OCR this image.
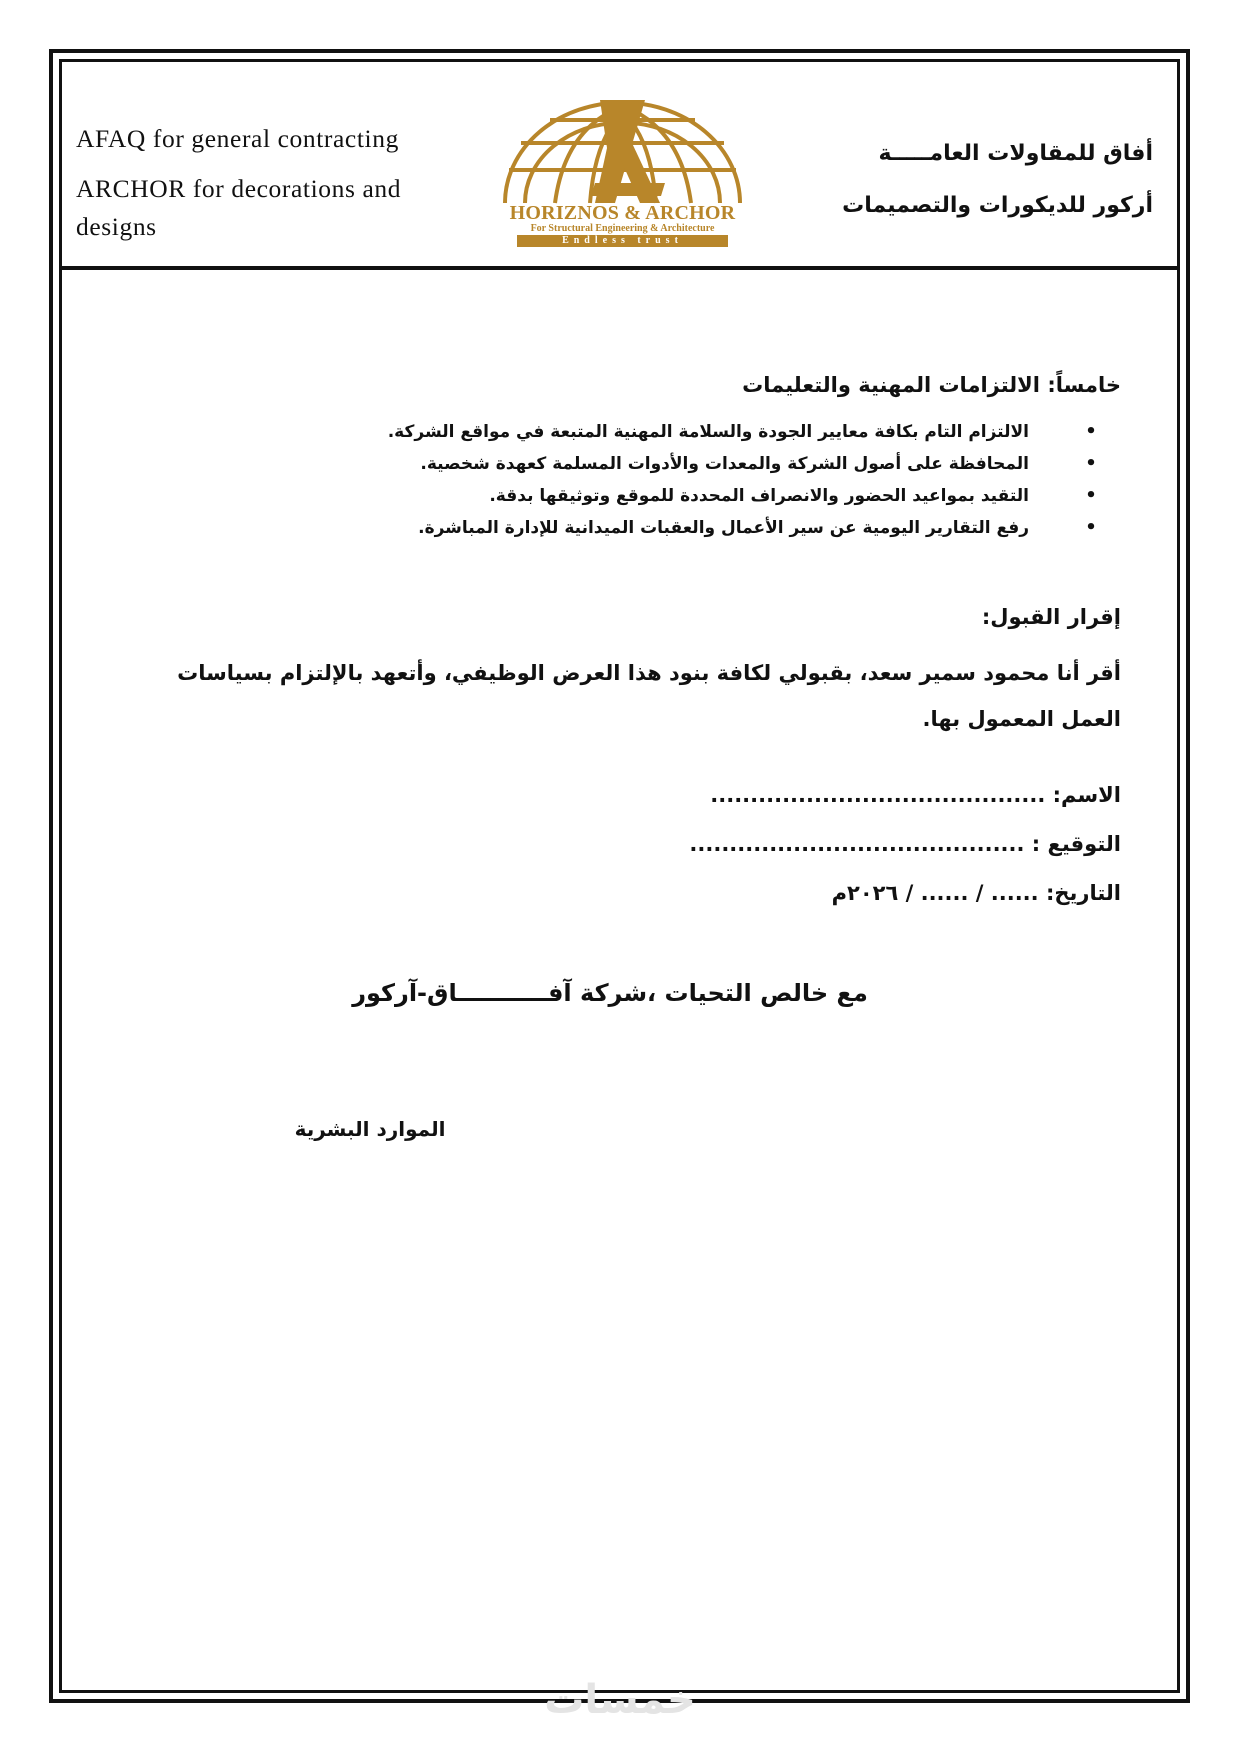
AFAQ for general contracting
ARCHOR for decorations and designs	HORIZNOS & ARCHOR
For Structural Engineering & Architecture
Endless trust
أفاق للمقاولات العامـــــة
أركور للديكورات والتصميمات
خامساً: الالتزامات المهنية والتعليمات
•
الالتزام التام بكافة معايير الجودة والسلامة المهنية المتبعة في مواقع الشركة.
•
المحافظة على أصول الشركة والمعدات والأدوات المسلمة كعهدة شخصية.
•
التقيد بمواعيد الحضور والانصراف المحددة للموقع وتوثيقها بدقة.
•
رفع التقارير اليومية عن سير الأعمال والعقبات الميدانية للإدارة المباشرة.
إقرار القبول:
أقر أنا محمود سمير سعد، بقبولي لكافة بنود هذا العرض الوظيفي، وأتعهد بالإلتزام بسياسات العمل المعمول بها.
الاسم: ..........................................
التوقيع : ..........................................
التاريخ: ...... / ...... / ٢٠٢٦م
مع خالص التحيات ،شركة آفـــــــــــاق-آركور
الموارد البشرية
خمسات
